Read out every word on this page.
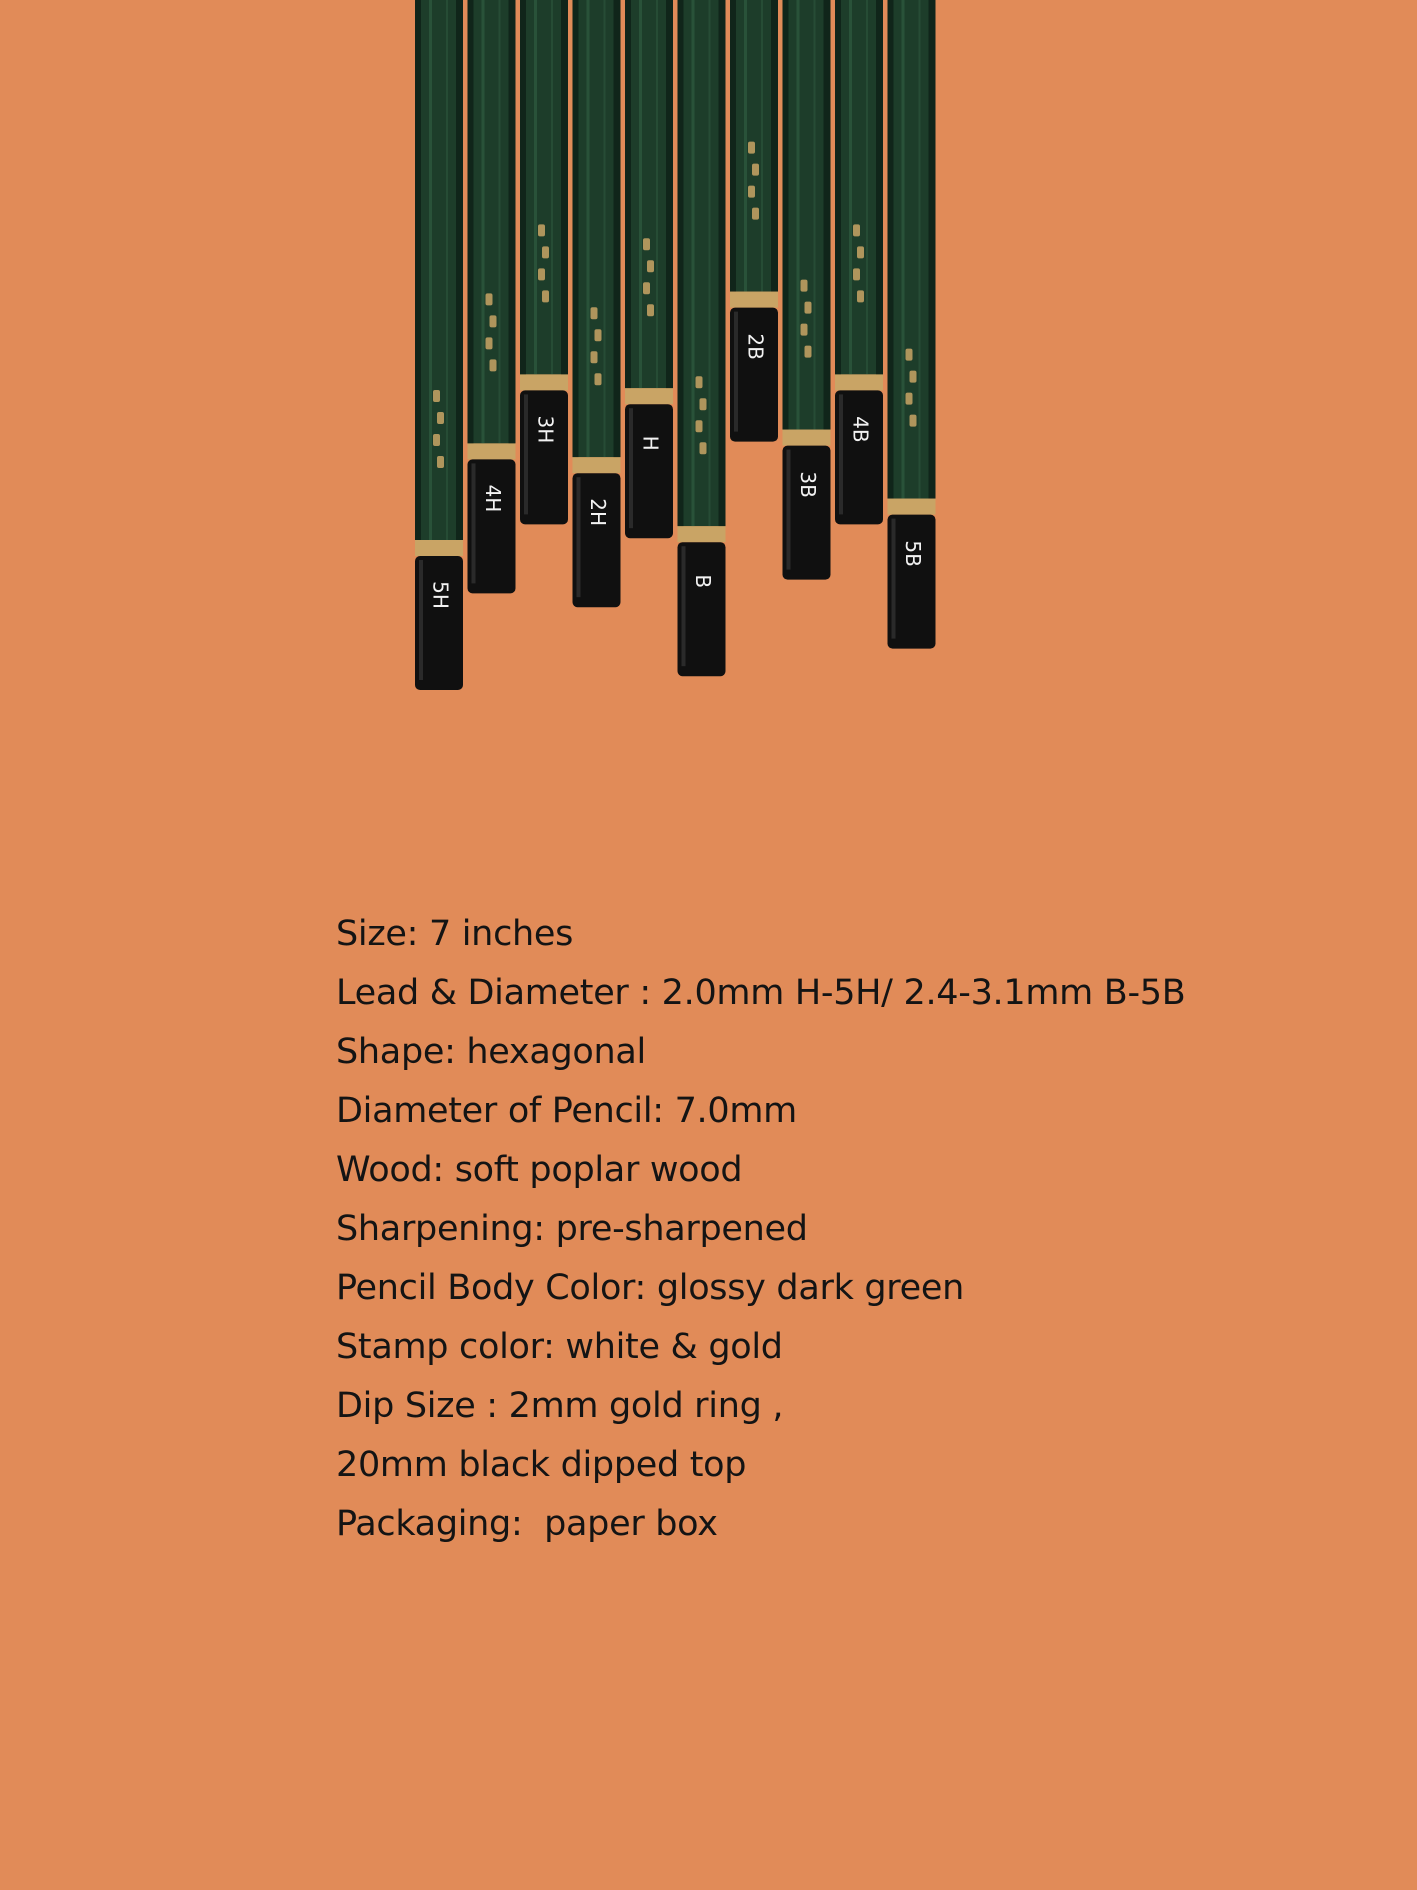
5H
4H
3H
2H
H
B
2B
3B
4B
5B
Size: 7 inches
Lead & Diameter : 2.0mm H-5H/ 2.4-3.1mm B-5B
Shape: hexagonal
Diameter of Pencil: 7.0mm
Wood: soft poplar wood
Sharpening: pre-sharpened
Pencil Body Color: glossy dark green
Stamp color: white & gold
Dip Size : 2mm gold ring ,
20mm black dipped top
Packaging:  paper box
